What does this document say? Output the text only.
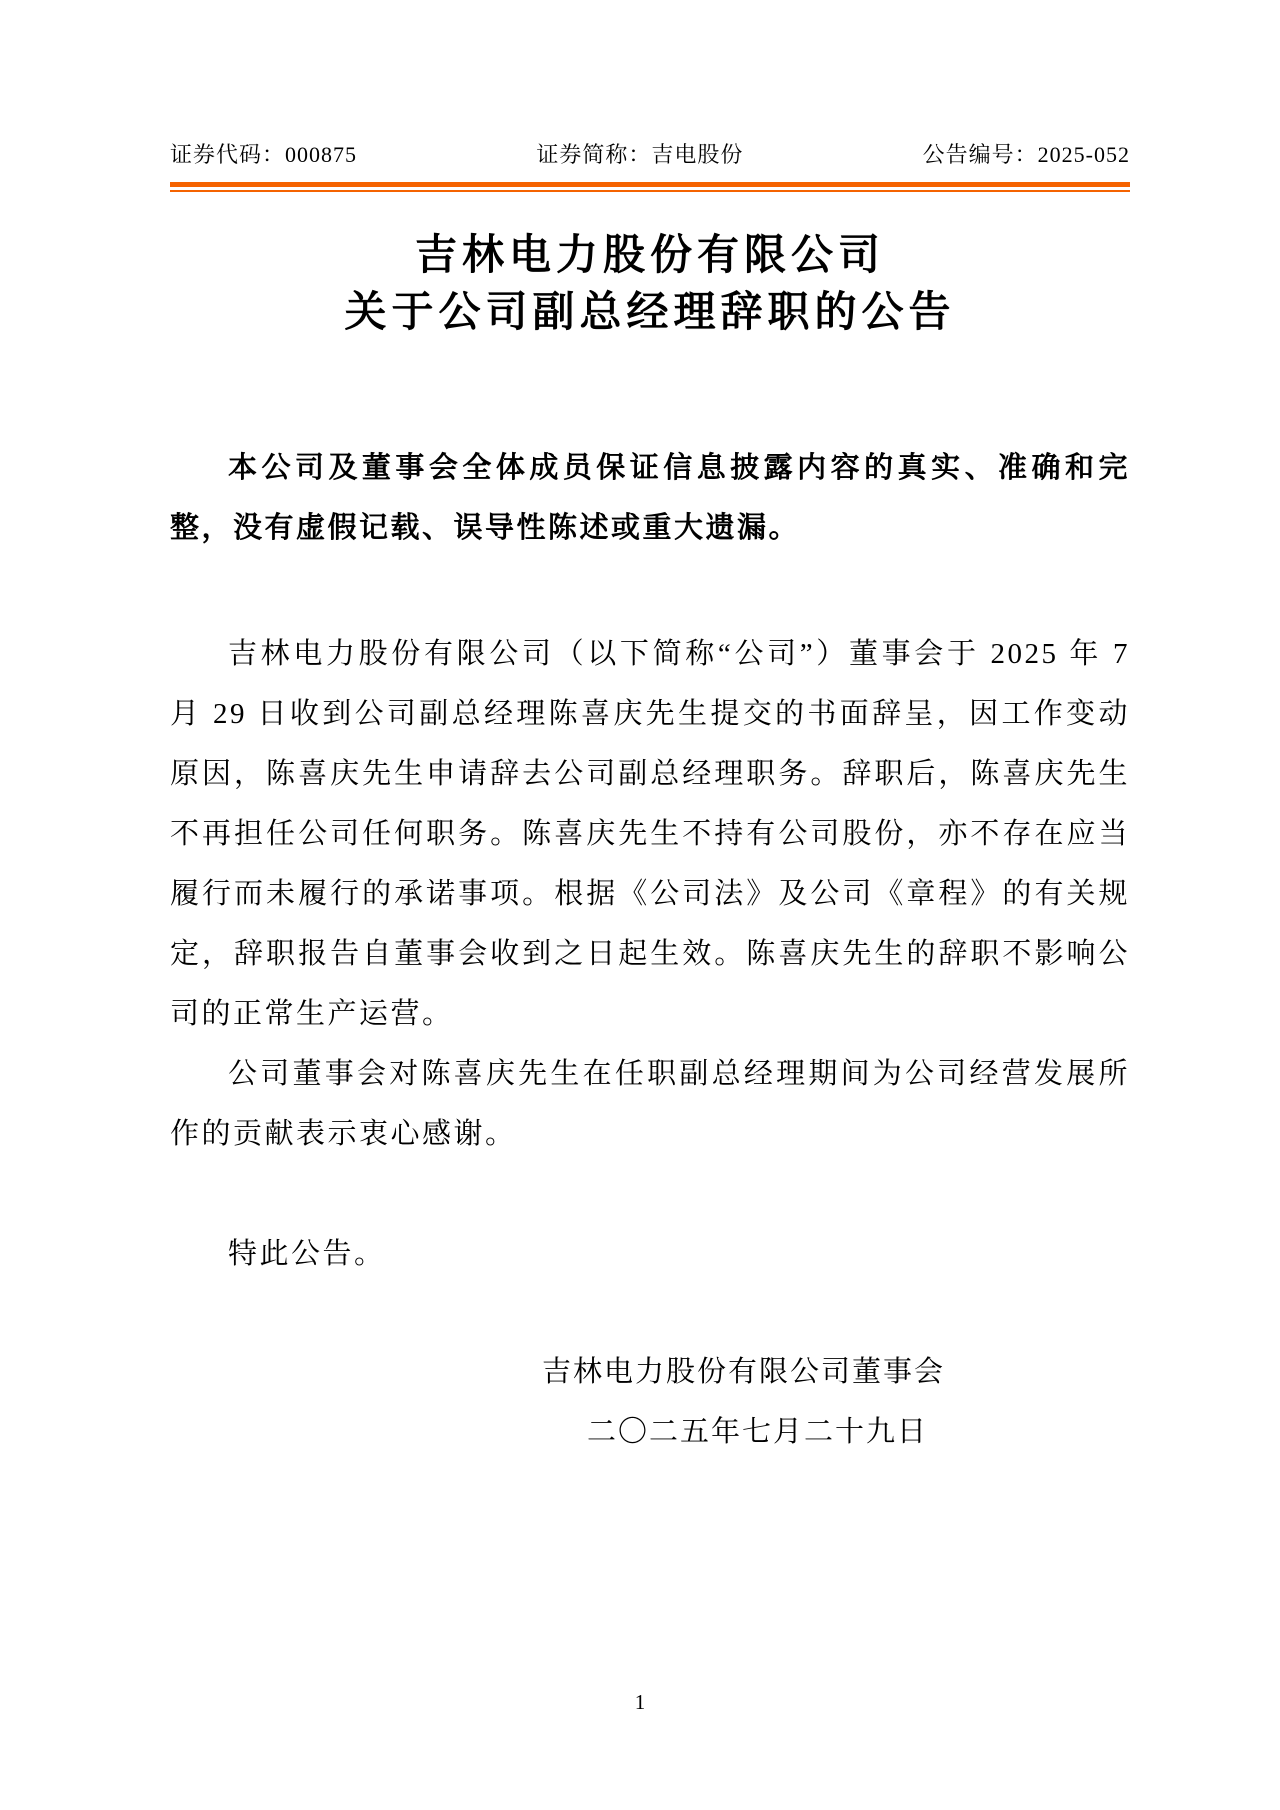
证券代码：000875	证券简称：吉电股份	公告编号：2025-052
吉林电力股份有限公司
关于公司副总经理辞职的公告

本公司及董事会全体成员保证信息披露内容的真实、准确和完整，没有虚假记载、误导性陈述或重大遗漏。

吉林电力股份有限公司（以下简称“公司”）董事会于 2025 年 7 月 29 日收到公司副总经理陈喜庆先生提交的书面辞呈，因工作变动原因，陈喜庆先生申请辞去公司副总经理职务。辞职后，陈喜庆先生不再担任公司任何职务。陈喜庆先生不持有公司股份，亦不存在应当履行而未履行的承诺事项。根据《公司法》及公司《章程》的有关规定，辞职报告自董事会收到之日起生效。陈喜庆先生的辞职不影响公司的正常生产运营。

公司董事会对陈喜庆先生在任职副总经理期间为公司经营发展所作的贡献表示衷心感谢。

特此公告。

吉林电力股份有限公司董事会
二〇二五年七月二十九日
1
